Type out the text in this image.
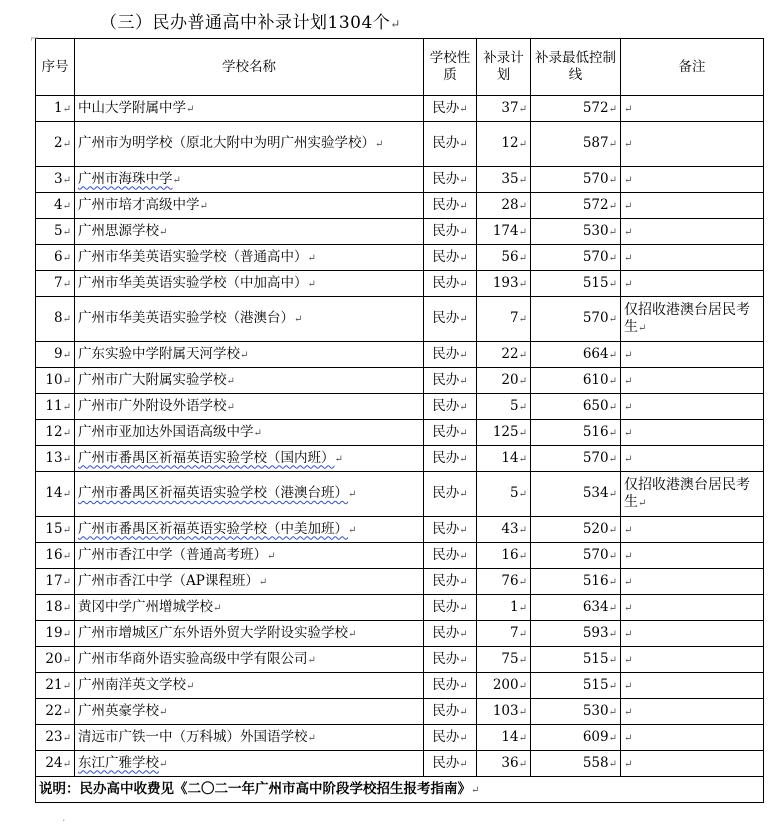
（三）民办普通高中补录计划1304个↵
序号	学校名称	学校性质	补录计划	补录最低控制线	备注
1↵	中山大学附属中学↵	民办↵	37↵	572↵	↵
2↵	广州市为明学校（原北大附中为明广州实验学校）↵	民办↵	12↵	587↵	↵
3↵	广州市海珠中学↵	民办↵	35↵	570↵	↵
4↵	广州市培才高级中学↵	民办↵	28↵	572↵	↵
5↵	广州思源学校↵	民办↵	174↵	530↵	↵
6↵	广州市华美英语实验学校（普通高中）↵	民办↵	56↵	570↵	↵
7↵	广州市华美英语实验学校（中加高中）↵	民办↵	193↵	515↵	↵
8↵	广州市华美英语实验学校（港澳台）↵	民办↵	7↵	570↵	仅招收港澳台居民考生↵
9↵	广东实验中学附属天河学校↵	民办↵	22↵	664↵	↵
10↵	广州市广大附属实验学校↵	民办↵	20↵	610↵	↵
11↵	广州市广外附设外语学校↵	民办↵	5↵	650↵	↵
12↵	广州市亚加达外国语高级中学↵	民办↵	125↵	516↵	↵
13↵	广州市番禺区祈福英语实验学校（国内班）↵	民办↵	14↵	570↵	↵
14↵	广州市番禺区祈福英语实验学校（港澳台班）↵	民办↵	5↵	534↵	仅招收港澳台居民考生↵
15↵	广州市番禺区祈福英语实验学校（中美加班）↵	民办↵	43↵	520↵	↵
16↵	广州市香江中学（普通高考班）↵	民办↵	16↵	570↵	↵
17↵	广州市香江中学（AP课程班）↵	民办↵	76↵	516↵	↵
18↵	黄冈中学广州增城学校↵	民办↵	1↵	634↵	↵
19↵	广州市增城区广东外语外贸大学附设实验学校↵	民办↵	7↵	593↵	↵
20↵	广州市华商外语实验高级中学有限公司↵	民办↵	75↵	515↵	↵
21↵	广州南洋英文学校↵	民办↵	200↵	515↵	↵
22↵	广州英豪学校↵	民办↵	103↵	530↵	↵
23↵	清远市广铁一中（万科城）外国语学校↵	民办↵	14↵	609↵	↵
24↵	东江广雅学校↵	民办↵	36↵	558↵	↵
说明：民办高中收费见《二〇二一年广州市高中阶段学校招生报考指南》↵					
⌐
·
